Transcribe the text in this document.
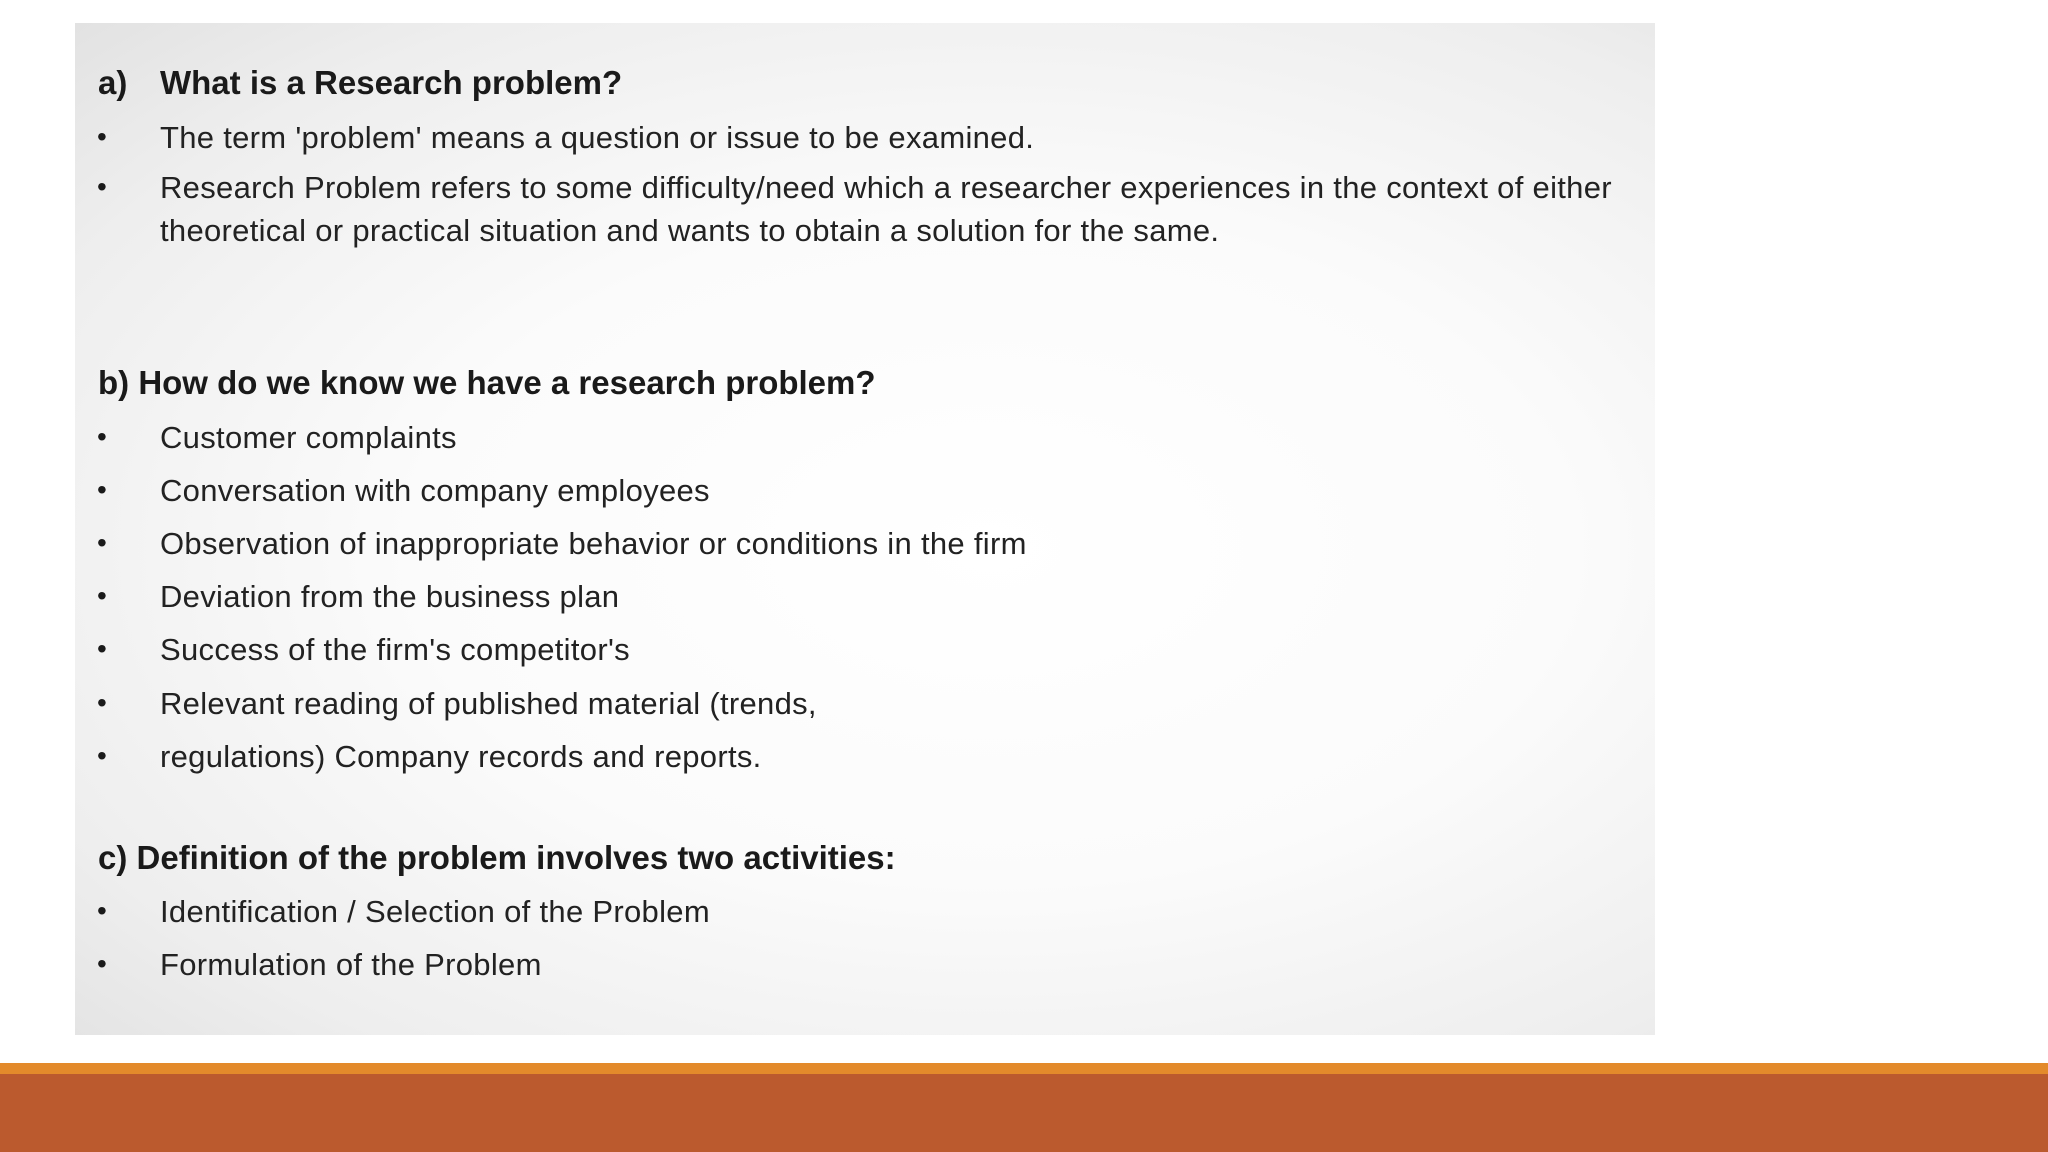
a) What is a Research problem?
• The term 'problem' means a question or issue to be examined.
• Research Problem refers to some difficulty/need which a researcher experiences in the context of either theoretical or practical situation and wants to obtain a solution for the same.
b) How do we know we have a research problem?
• Customer complaints
• Conversation with company employees
• Observation of inappropriate behavior or conditions in the firm
• Deviation from the business plan
• Success of the firm's competitor's
• Relevant reading of published material (trends,
• regulations) Company records and reports.
c) Definition of the problem involves two activities:
• Identification / Selection of the Problem
• Formulation of the Problem
